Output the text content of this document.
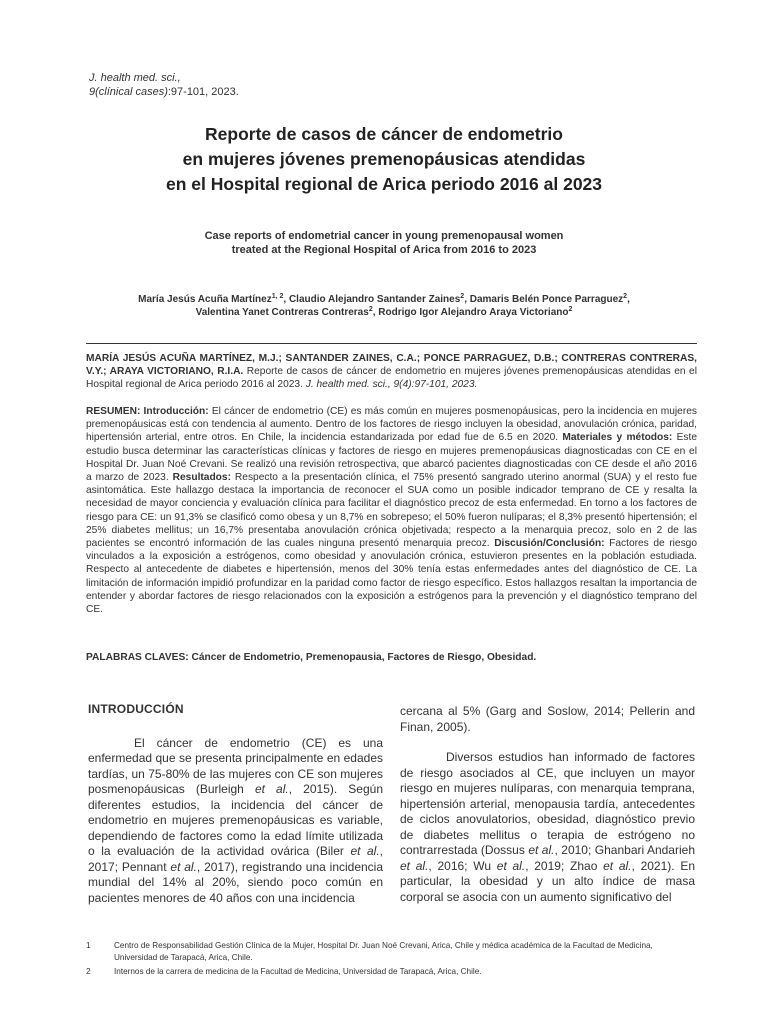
J. health med. sci.,
9(clínical cases):97-101, 2023.
Reporte de casos de cáncer de endometrio
en mujeres jóvenes premenopáusicas atendidas
en el Hospital regional de Arica periodo 2016 al 2023
Case reports of endometrial cancer in young premenopausal women
treated at the Regional Hospital of Arica from 2016 to 2023
María Jesús Acuña Martínez$^{1, 2}$, Claudio Alejandro Santander Zaines$^2$, Damaris Belén Ponce Parraguez$^2$,
Valentina Yanet Contreras Contreras$^2$, Rodrigo Igor Alejandro Araya Victoriano$^2$
MARÍA JESÚS ACUÑA MARTÍNEZ, M.J.; SANTANDER ZAINES, C.A.; PONCE PARRAGUEZ, D.B.; CONTRERAS CONTRERAS, V.Y.; ARAYA VICTORIANO, R.I.A. Reporte de casos de cáncer de endometrio en mujeres jóvenes premenopáusicas atendidas en el Hospital regional de Arica periodo 2016 al 2023. J. health med. sci., 9(4):97-101, 2023.
RESUMEN: Introducción: El cáncer de endometrio (CE) es más común en mujeres posmenopáusicas, pero la incidencia en mujeres premenopáusicas está con tendencia al aumento. Dentro de los factores de riesgo incluyen la obesidad, anovulación crónica, paridad, hipertensión arterial, entre otros. En Chile, la incidencia estandarizada por edad fue de 6.5 en 2020. Materiales y métodos: Este estudio busca determinar las características clínicas y factores de riesgo en mujeres premenopáusicas diagnosticadas con CE en el Hospital Dr. Juan Noé Crevani. Se realizó una revisión retrospectiva, que abarcó pacientes diagnosticadas con CE desde el año 2016 a marzo de 2023. Resultados: Respecto a la presentación clínica, el 75% presentó sangrado uterino anormal (SUA) y el resto fue asintomática. Este hallazgo destaca la importancia de reconocer el SUA como un posible indicador temprano de CE y resalta la necesidad de mayor conciencia y evaluación clínica para facilitar el diagnóstico precoz de esta enfermedad. En torno a los factores de riesgo para CE: un 91,3% se clasificó como obesa y un 8,7% en sobrepeso; el 50% fueron nulíparas; el 8,3% presentó hipertensión; el 25% diabetes mellitus; un 16,7% presentaba anovulación crónica objetivada; respecto a la menarquia precoz, solo en 2 de las pacientes se encontró información de las cuales ninguna presentó menarquia precoz. Discusión/Conclusión: Factores de riesgo vinculados a la exposición a estrógenos, como obesidad y anovulación crónica, estuvieron presentes en la población estudiada. Respecto al antecedente de diabetes e hipertensión, menos del 30% tenía estas enfermedades antes del diagnóstico de CE. La limitación de información impidió profundizar en la paridad como factor de riesgo específico. Estos hallazgos resaltan la importancia de entender y abordar factores de riesgo relacionados con la exposición a estrógenos para la prevención y el diagnóstico temprano del CE.
PALABRAS CLAVES: Cáncer de Endometrio, Premenopausia, Factores de Riesgo, Obesidad.
INTRODUCCIÓN

El cáncer de endometrio (CE) es una enfermedad que se presenta principalmente en edades tardías, un 75-80% de las mujeres con CE son mujeres posmenopáusicas (Burleigh et al., 2015). Según diferentes estudios, la incidencia del cáncer de endometrio en mujeres premenopáusicas es variable, dependiendo de factores como la edad límite utilizada o la evaluación de la actividad ovárica (Biler et al., 2017; Pennant et al., 2017), registrando una incidencia mundial del 14% al 20%, siendo poco común en pacientes menores de 40 años con una incidencia

cercana al 5% (Garg and Soslow, 2014; Pellerin and Finan, 2005).

Diversos estudios han informado de factores de riesgo asociados al CE, que incluyen un mayor riesgo en mujeres nulíparas, con menarquia temprana, hipertensión arterial, menopausia tardía, antecedentes de ciclos anovulatorios, obesidad, diagnóstico previo de diabetes mellitus o terapia de estrógeno no contrarrestada (Dossus et al., 2010; Ghanbari Andarieh et al., 2016; Wu et al., 2019; Zhao et al., 2021). En particular, la obesidad y un alto índice de masa corporal se asocia con un aumento significativo del

1	Centro de Responsabilidad Gestión Clínica de la Mujer, Hospital Dr. Juan Noé Crevani, Arica, Chile y médica académica de la Facultad de Medicina, Universidad de Tarapacá, Arica, Chile.
2	Internos de la carrera de medicina de la Facultad de Medicina, Universidad de Tarapacá, Arica, Chile.
